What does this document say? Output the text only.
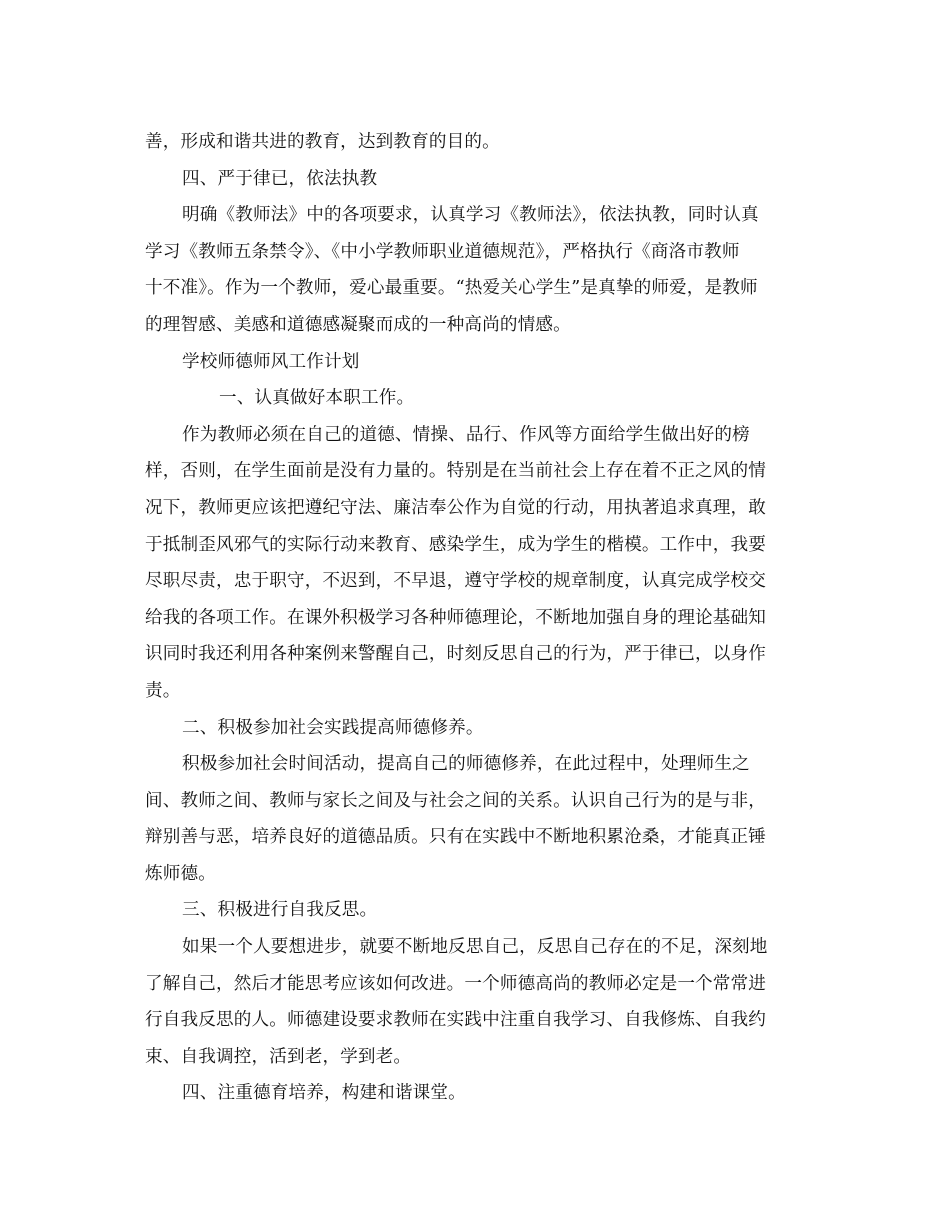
善，形成和谐共进的教育，达到教育的目的。
四、严于律已，依法执教
明确《教师法》中的各项要求，认真学习《教师法》，依法执教，同时认真
学习《教师五条禁令》、《中小学教师职业道德规范》，严格执行《商洛市教师
十不准》。作为一个教师，爱心最重要。“热爱关心学生”是真挚的师爱，是教师
的理智感、美感和道德感凝聚而成的一种高尚的情感。
学校师德师风工作计划
一、认真做好本职工作。
作为教师必须在自己的道德、情操、品行、作风等方面给学生做出好的榜
样，否则，在学生面前是没有力量的。特别是在当前社会上存在着不正之风的情
况下，教师更应该把遵纪守法、廉洁奉公作为自觉的行动，用执著追求真理，敢
于抵制歪风邪气的实际行动来教育、感染学生，成为学生的楷模。工作中，我要
尽职尽责，忠于职守，不迟到，不早退，遵守学校的规章制度，认真完成学校交
给我的各项工作。在课外积极学习各种师德理论，不断地加强自身的理论基础知
识同时我还利用各种案例来警醒自己，时刻反思自己的行为，严于律已，以身作
责。
二、积极参加社会实践提高师德修养。
积极参加社会时间活动，提高自己的师德修养，在此过程中，处理师生之
间、教师之间、教师与家长之间及与社会之间的关系。认识自己行为的是与非，
辩别善与恶，培养良好的道德品质。只有在实践中不断地积累沧桑，才能真正锤
炼师德。
三、积极进行自我反思。
如果一个人要想进步，就要不断地反思自己，反思自己存在的不足，深刻地
了解自己，然后才能思考应该如何改进。一个师德高尚的教师必定是一个常常进
行自我反思的人。师德建设要求教师在实践中注重自我学习、自我修炼、自我约
束、自我调控，活到老，学到老。
四、注重德育培养，构建和谐课堂。
